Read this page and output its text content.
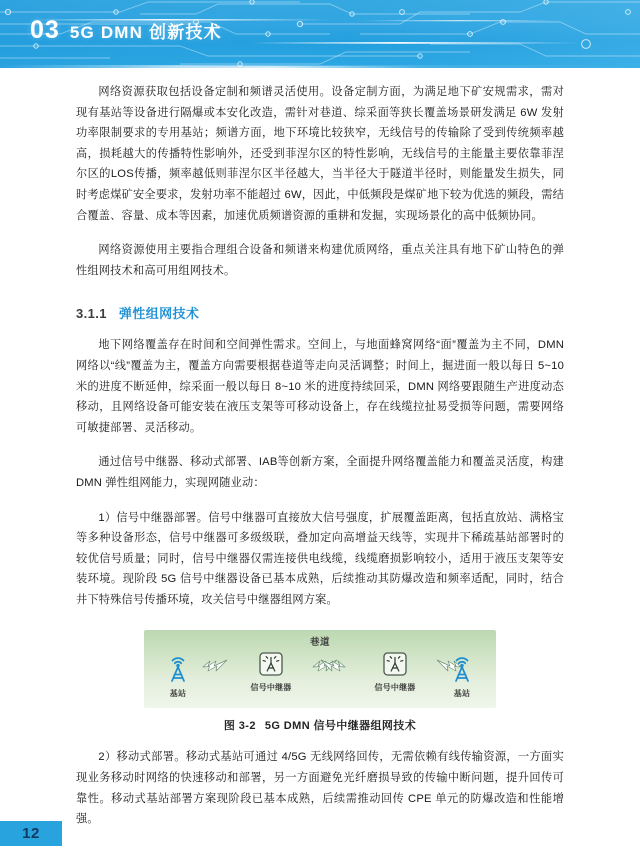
03 5G DMN 创新技术

网络资源获取包括设备定制和频谱灵活使用。设备定制方面，为满足地下矿安规需求，需对现有基站等设备进行隔爆或本安化改造，需针对巷道、综采面等狭长覆盖场景研发满足 6W 发射功率限制要求的专用基站；频谱方面，地下环境比较狭窄，无线信号的传输除了受到传统频率越高，损耗越大的传播特性影响外，还受到菲涅尔区的特性影响，无线信号的主能量主要依靠菲涅尔区的LOS传播，频率越低则菲涅尔区半径越大，当半径大于隧道半径时，则能量发生损失，同时考虑煤矿安全要求，发射功率不能超过 6W，因此，中低频段是煤矿地下较为优选的频段，需结合覆盖、容量、成本等因素，加速优质频谱资源的重耕和发掘，实现场景化的高中低频协同。

网络资源使用主要指合理组合设备和频谱来构建优质网络，重点关注具有地下矿山特色的弹性组网技术和高可用组网技术。

3.1.1 弹性组网技术

地下网络覆盖存在时间和空间弹性需求。空间上，与地面蜂窝网络“面”覆盖为主不同，DMN网络以“线”覆盖为主，覆盖方向需要根据巷道等走向灵活调整；时间上，掘进面一般以每日 5~10 米的进度不断延伸，综采面一般以每日 8~10 米的进度持续回采，DMN 网络要跟随生产进度动态移动，且网络设备可能安装在液压支架等可移动设备上，存在线缆拉扯易受损等问题，需要网络可敏捷部署、灵活移动。

通过信号中继器、移动式部署、IAB等创新方案，全面提升网络覆盖能力和覆盖灵活度，构建DMN 弹性组网能力，实现网随业动：

1）信号中继器部署。信号中继器可直接放大信号强度，扩展覆盖距离，包括直放站、满格宝等多种设备形态，信号中继器可多级级联，叠加定向高增益天线等，实现井下稀疏基站部署时的较优信号质量；同时，信号中继器仅需连接供电线缆，线缆磨损影响较小，适用于液压支架等安装环境。现阶段 5G 信号中继器设备已基本成熟，后续推动其防爆改造和频率适配，同时，结合井下特殊信号传播环境，攻关信号中继器组网方案。

巷道
基站
信号中继器	信号中继器
基站
图 3-2 5G DMN 信号中继器组网技术

2）移动式部署。移动式基站可通过 4/5G 无线网络回传，无需依赖有线传输资源，一方面实现业务移动时网络的快速移动和部署，另一方面避免光纤磨损导致的传输中断问题，提升回传可靠性。移动式基站部署方案现阶段已基本成熟，后续需推动回传 CPE 单元的防爆改造和性能增强。

12
